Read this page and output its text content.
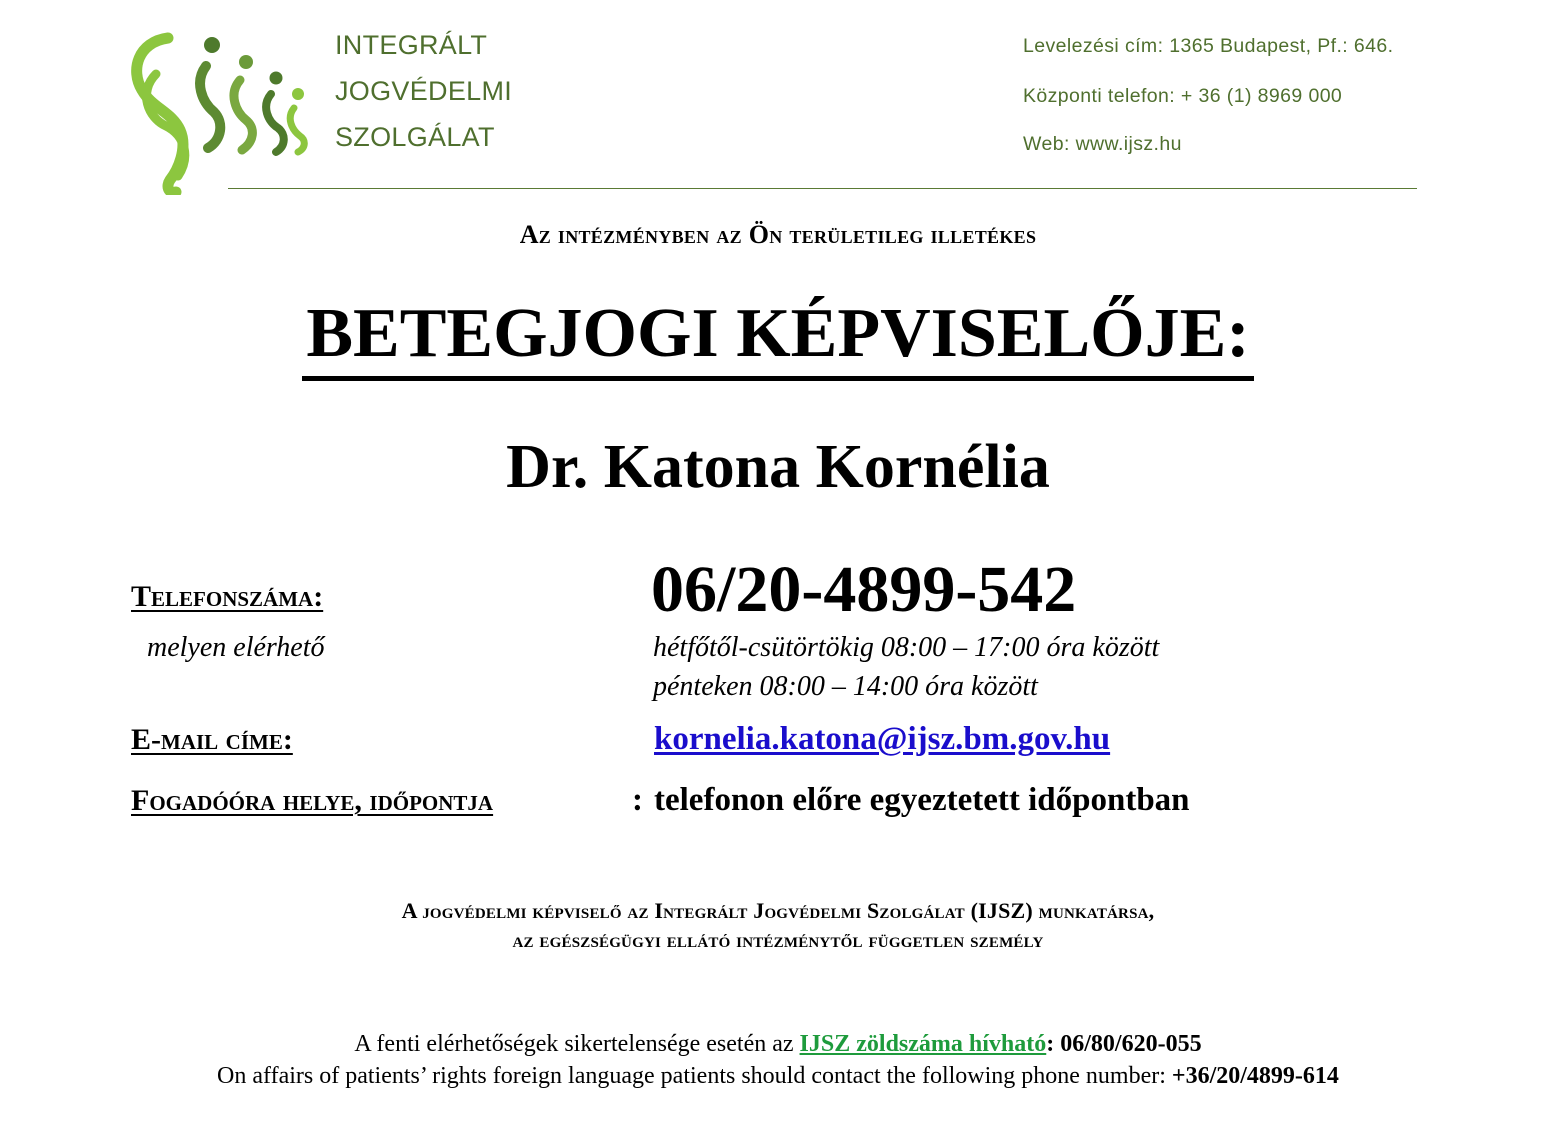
INTEGRÁLT
JOGVÉDELMI
SZOLGÁLAT
Levelezési cím: 1365 Budapest, Pf.: 646.
Központi telefon: + 36 (1) 8969 000
Web: www.ijsz.hu
Az intézményben az Ön területileg illetékes
BETEGJOGI KÉPVISELŐJE:
Dr. Katona Kornélia
Telefonszáma:	06/20-4899-542
melyen elérhető	hétfőtől-csütörtökig 08:00 – 17:00 óra között
pénteken 08:00 – 14:00 óra között
E-mail címe:	kornelia.katona@ijsz.bm.gov.hu
Fogadóóra helye, időpontja	: telefonon előre egyeztetett időpontban
A jogvédelmi képviselő az Integrált Jogvédelmi Szolgálat (IJSZ) munkatársa,
az egészségügyi ellátó intézménytől független személy
A fenti elérhetőségek sikertelensége esetén az IJSZ zöldszáma hívható: 06/80/620-055
On affairs of patients’ rights foreign language patients should contact the following phone number: +36/20/4899-614
